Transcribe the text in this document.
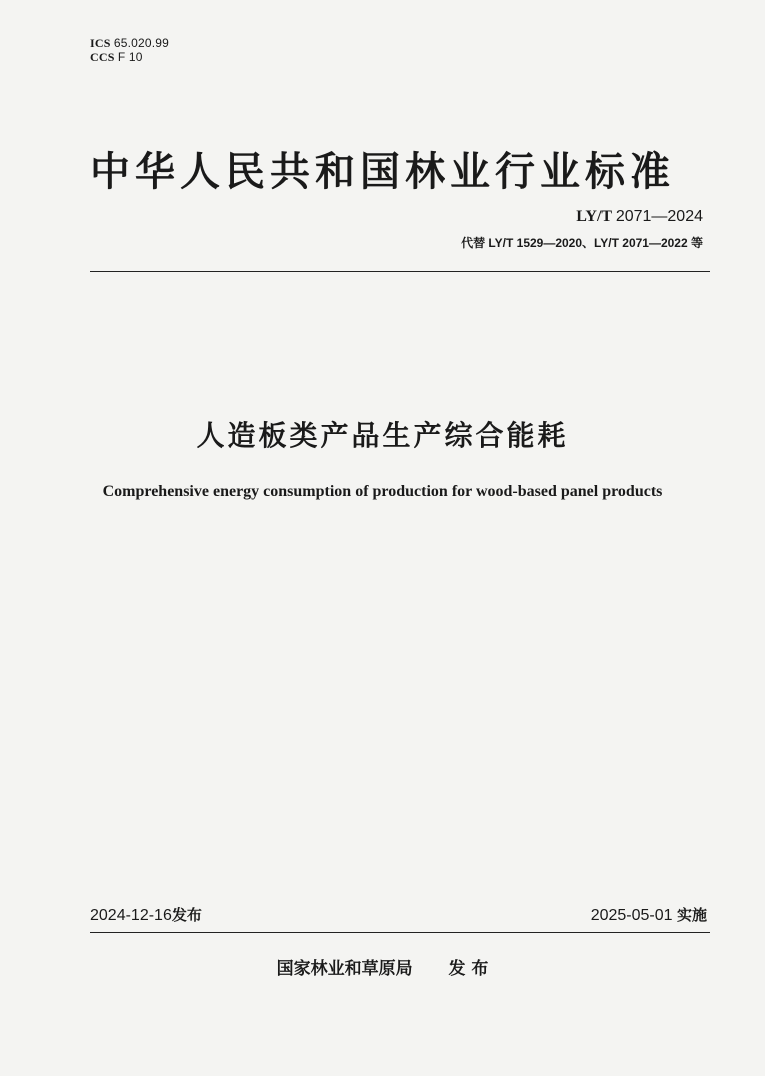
ICS 65.020.99
CCS F 10
中华人民共和国林业行业标准
LY/T 2071—2024
代替 LY/T 1529—2020、LY/T 2071—2022 等
人造板类产品生产综合能耗
Comprehensive energy consumption of production for wood-based panel products
2024-12-16发布	2025-05-01 实施
国家林业和草原局 发 布
